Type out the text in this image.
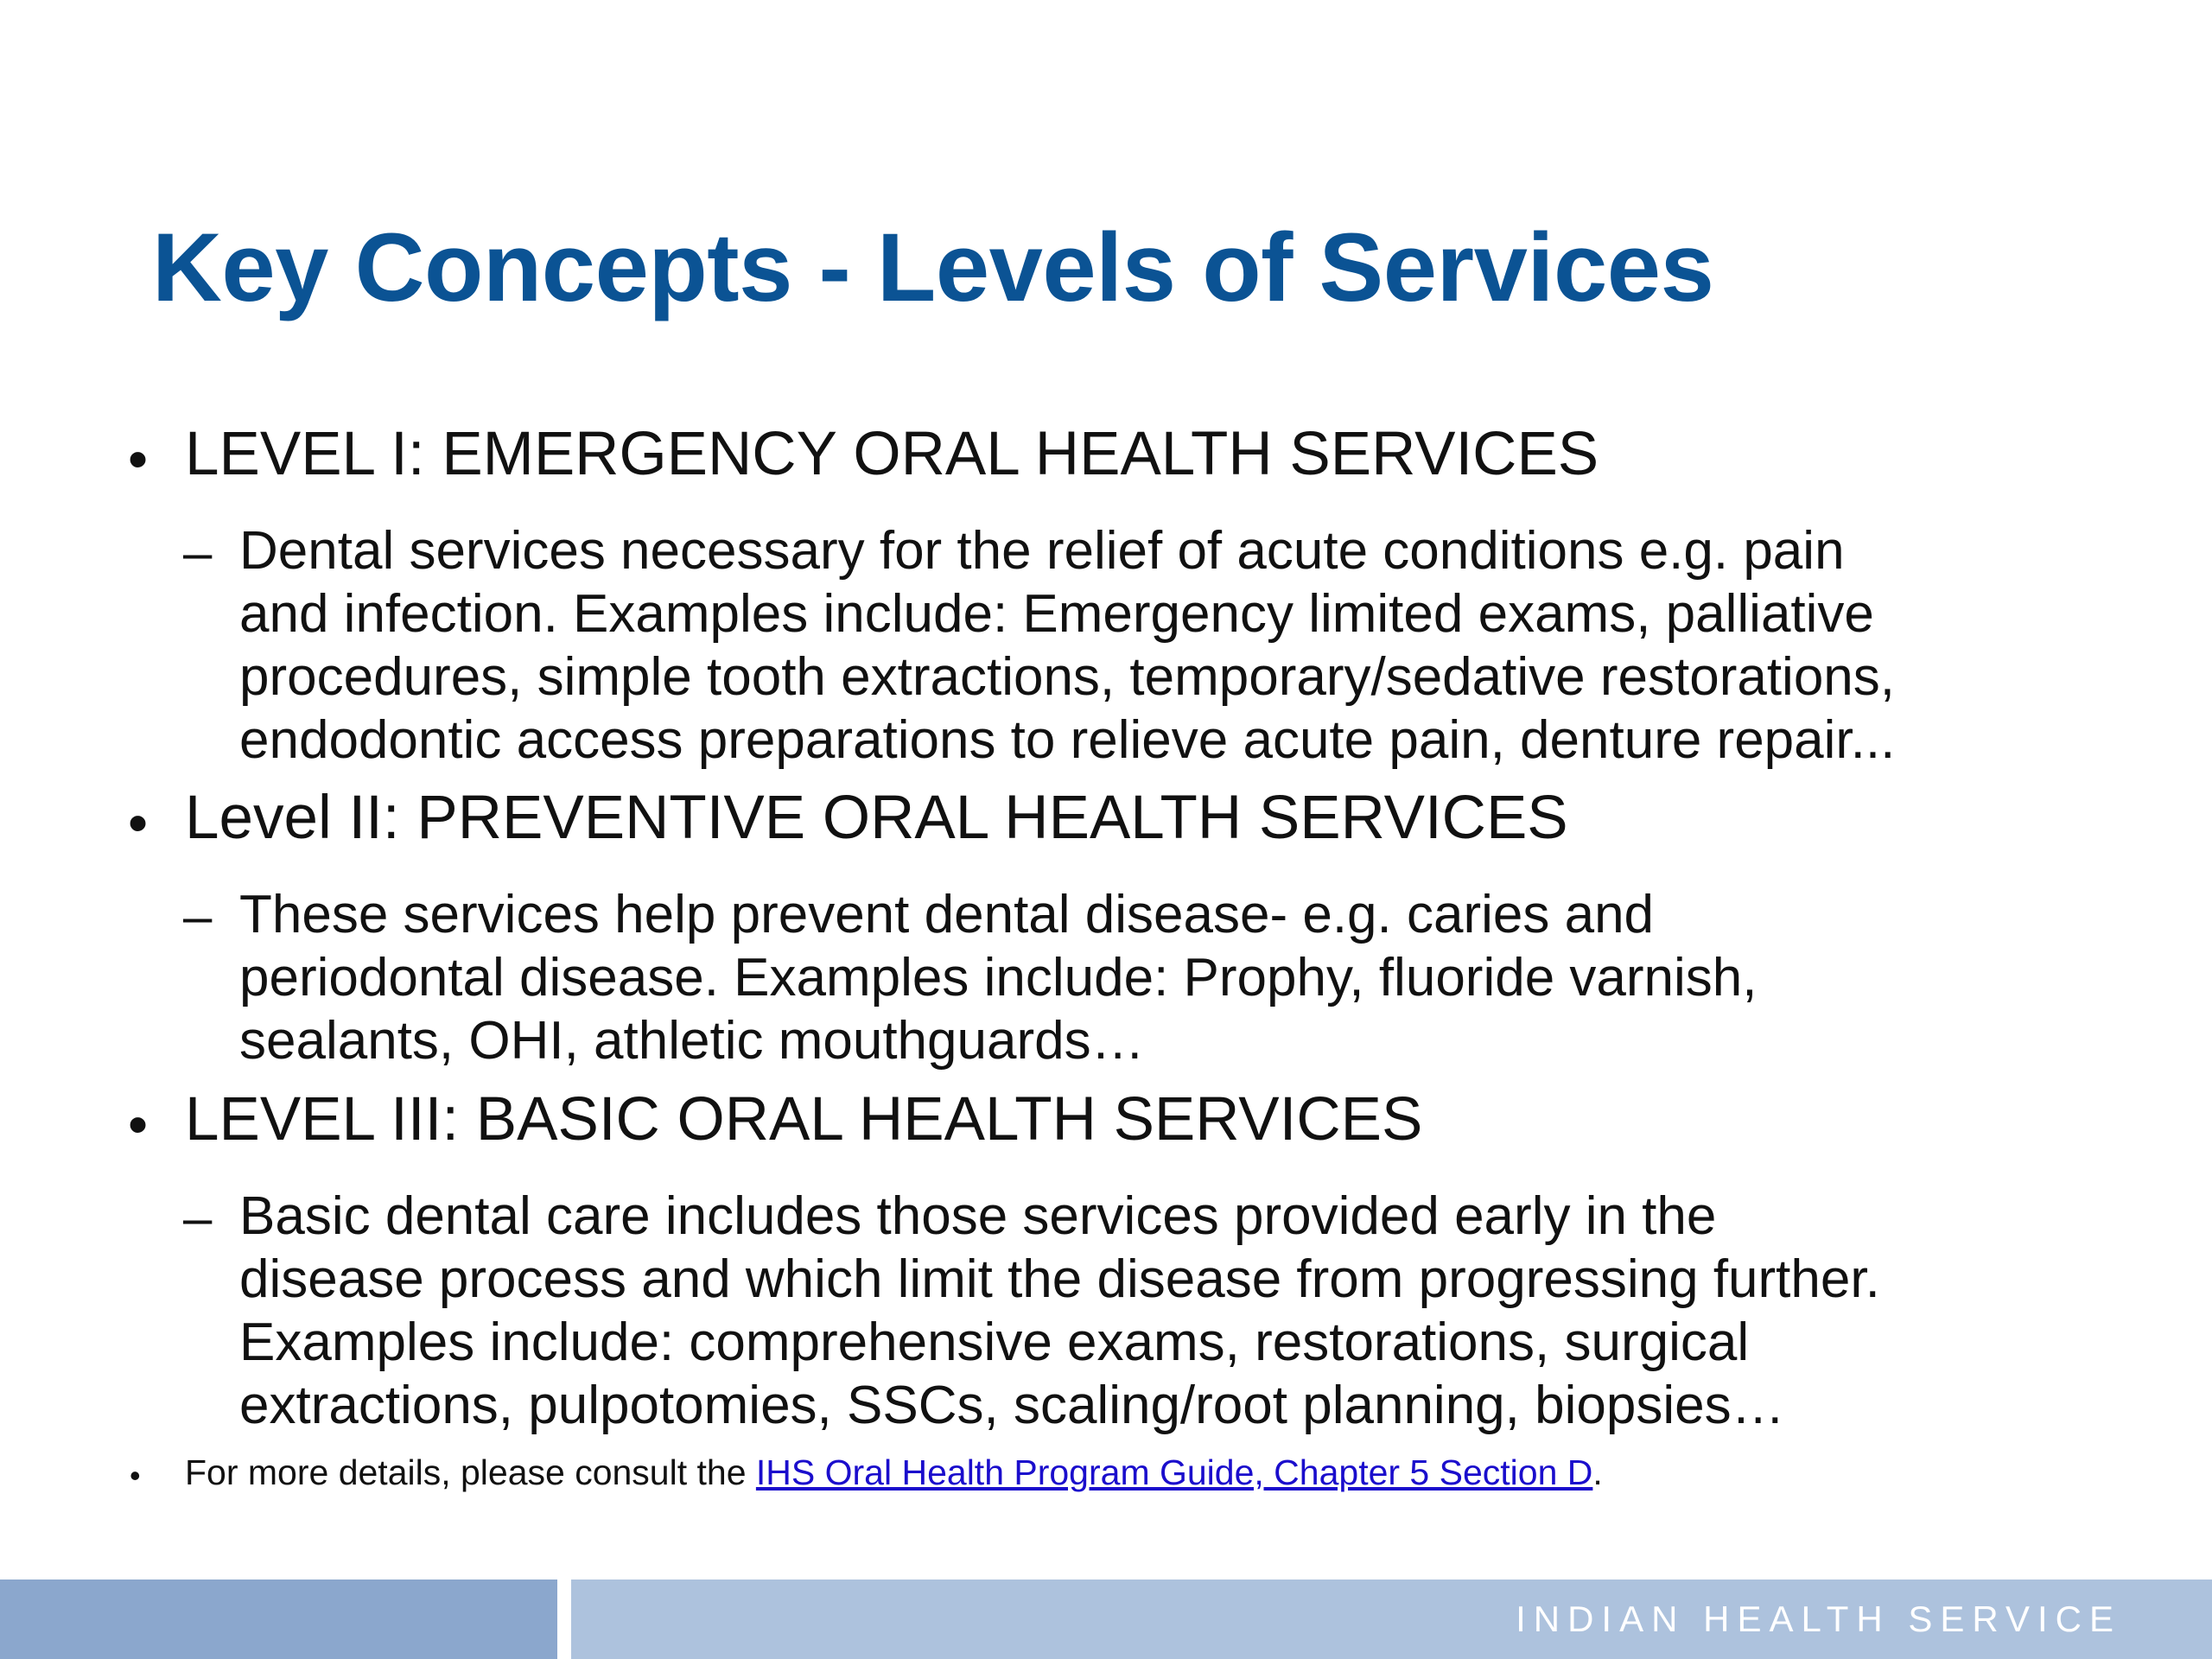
Key Concepts - Levels of Services
• LEVEL I: EMERGENCY ORAL HEALTH SERVICES
– Dental services necessary for the relief of acute conditions e.g. pain
and infection. Examples include: Emergency limited exams, palliative
procedures, simple tooth extractions, temporary/sedative restorations,
endodontic access preparations to relieve acute pain, denture repair...
• Level II: PREVENTIVE ORAL HEALTH SERVICES
– These services help prevent dental disease- e.g. caries and
periodontal disease. Examples include: Prophy, fluoride varnish,
sealants, OHI, athletic mouthguards…
• LEVEL III: BASIC ORAL HEALTH SERVICES
– Basic dental care includes those services provided early in the
disease process and which limit the disease from progressing further.
Examples include: comprehensive exams, restorations, surgical
extractions, pulpotomies, SSCs, scaling/root planning, biopsies…
• For more details, please consult the IHS Oral Health Program Guide, Chapter 5 Section D.
INDIAN HEALTH SERVICE
